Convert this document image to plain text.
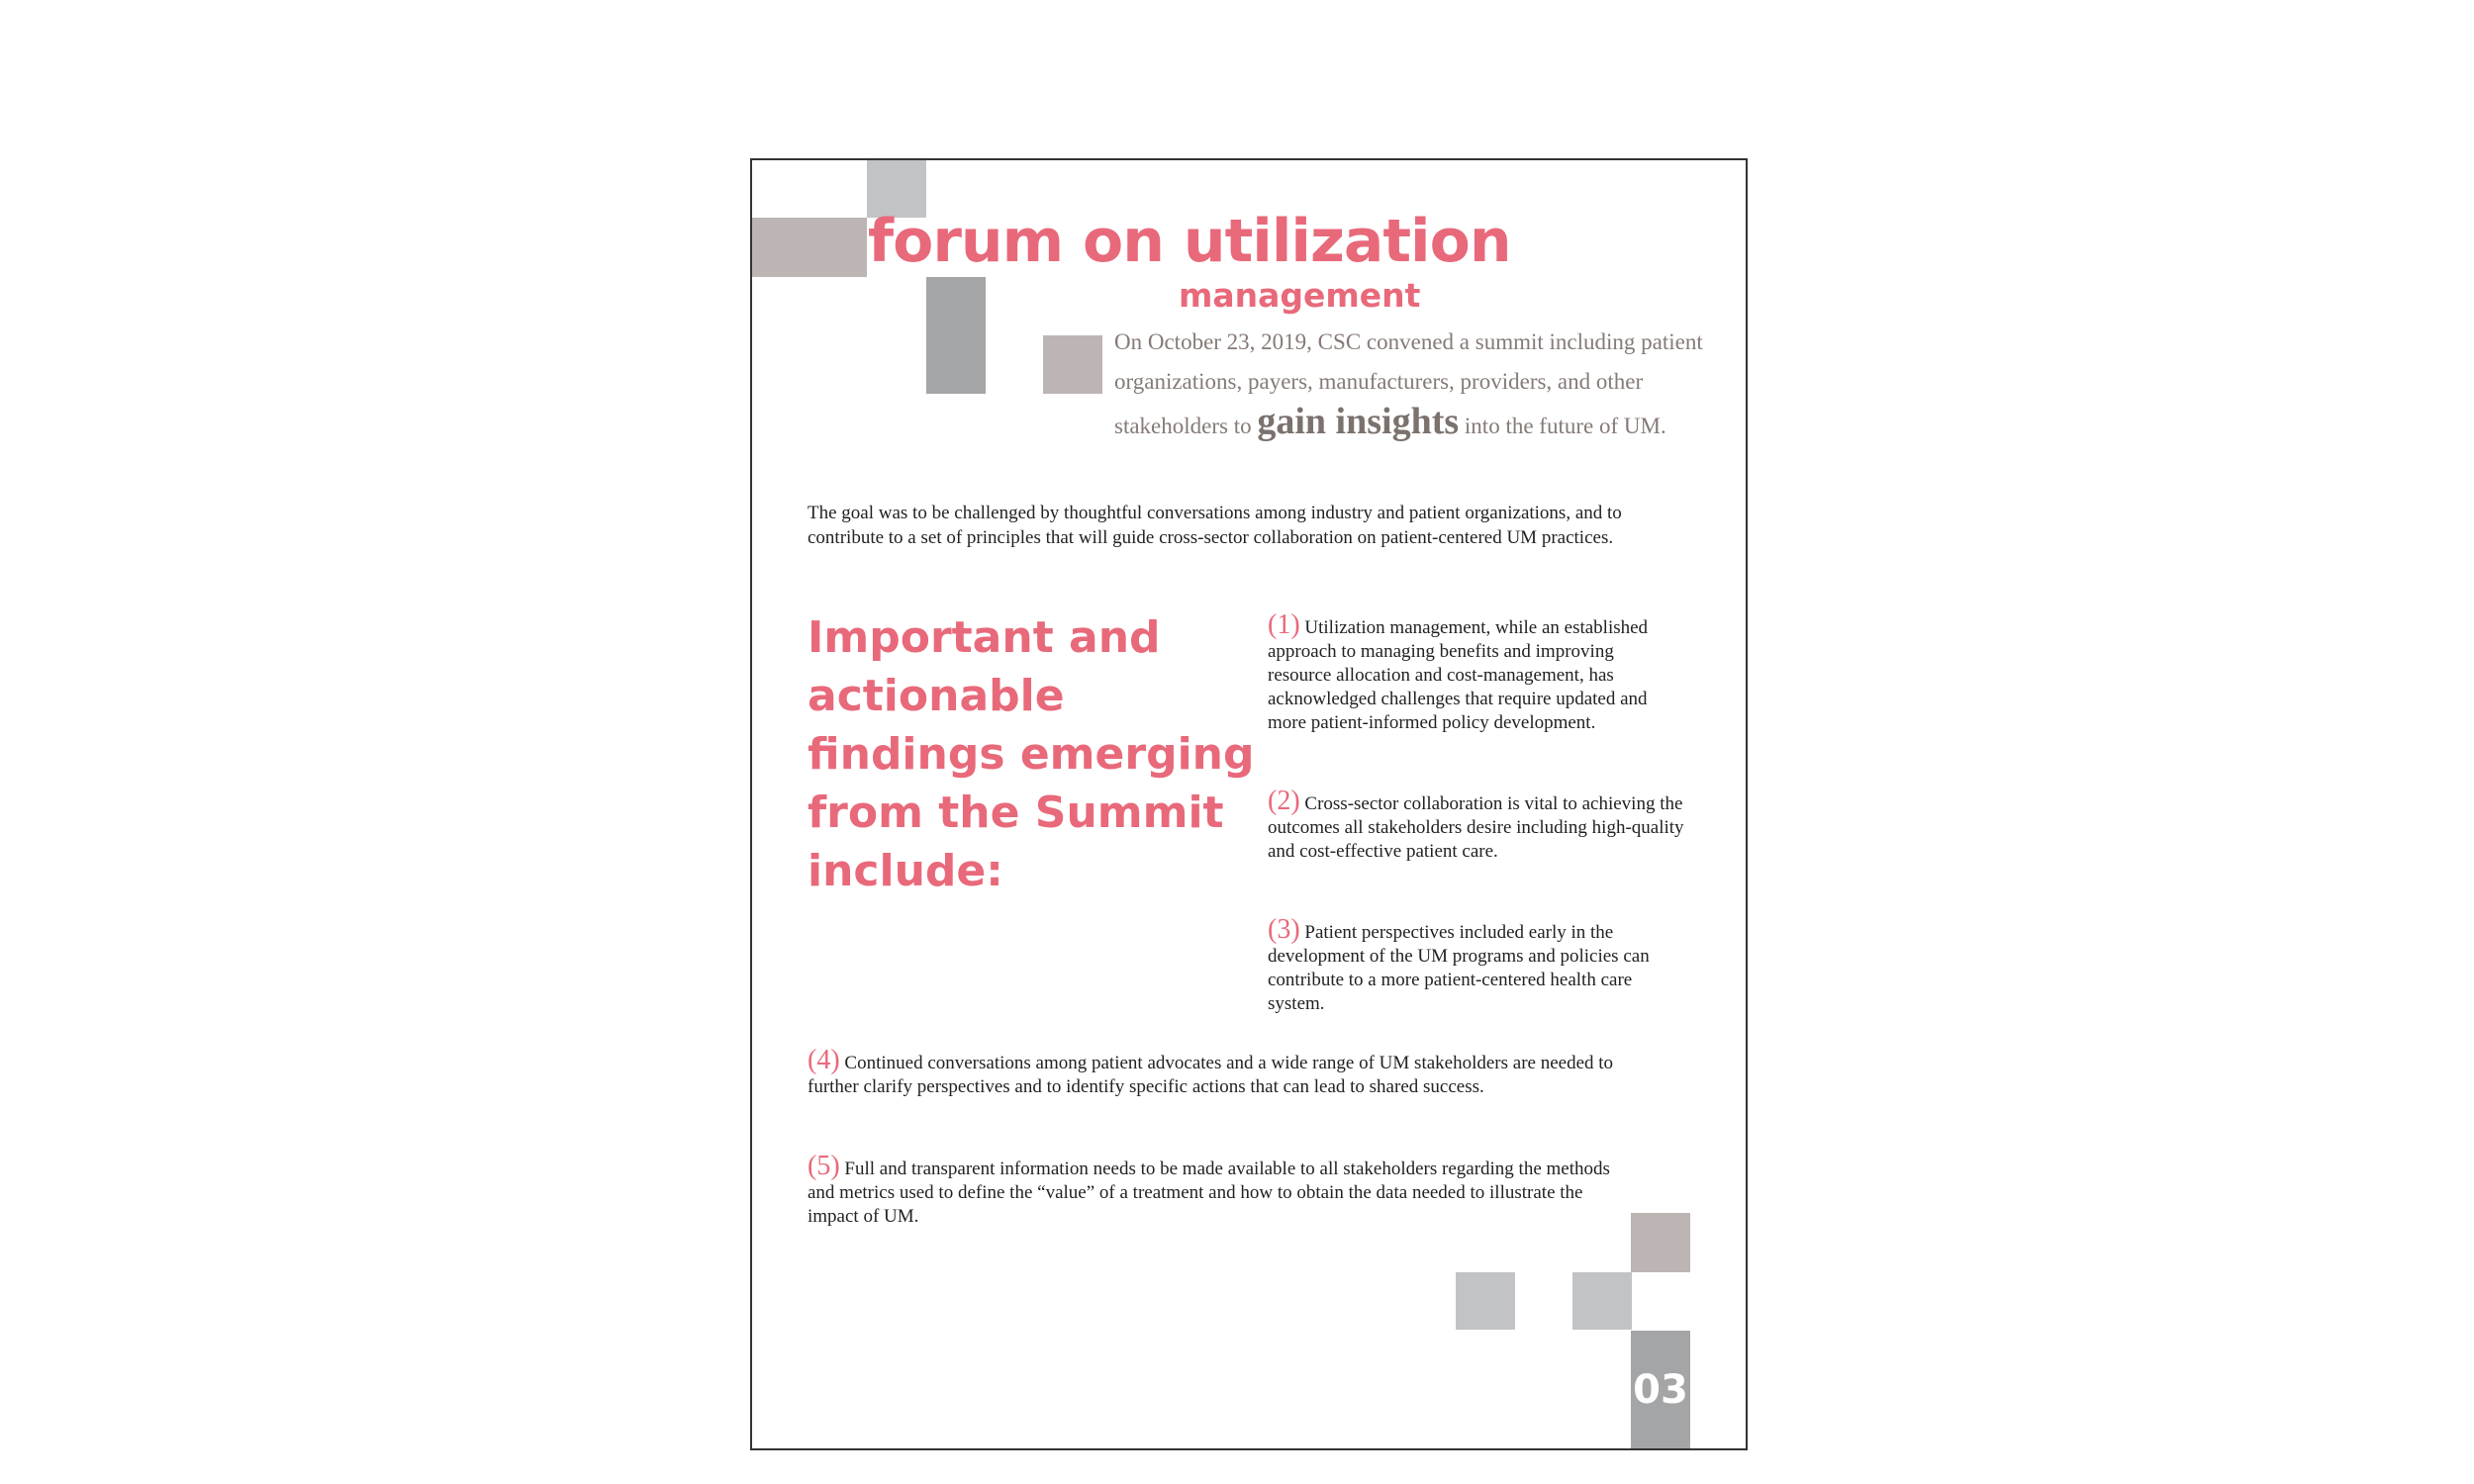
forum on utilization
management

On October 23, 2019, CSC convened a summit including patient organizations, payers, manufacturers, providers, and other stakeholders to gain insights into the future of UM.

The goal was to be challenged by thoughtful conversations among industry and patient organizations, and to contribute to a set of principles that will guide cross-sector collaboration on patient-centered UM practices.

Important and actionable findings emerging from the Summit include:

(1) Utilization management, while an established approach to managing benefits and improving resource allocation and cost-management, has acknowledged challenges that require updated and more patient-informed policy development.

(2) Cross-sector collaboration is vital to achieving the outcomes all stakeholders desire including high-quality and cost-effective patient care.

(3) Patient perspectives included early in the development of the UM programs and policies can contribute to a more patient-centered health care system.

(4) Continued conversations among patient advocates and a wide range of UM stakeholders are needed to further clarify perspectives and to identify specific actions that can lead to shared success.

(5) Full and transparent information needs to be made available to all stakeholders regarding the methods and metrics used to define the “value” of a treatment and how to obtain the data needed to illustrate the impact of UM.

03
